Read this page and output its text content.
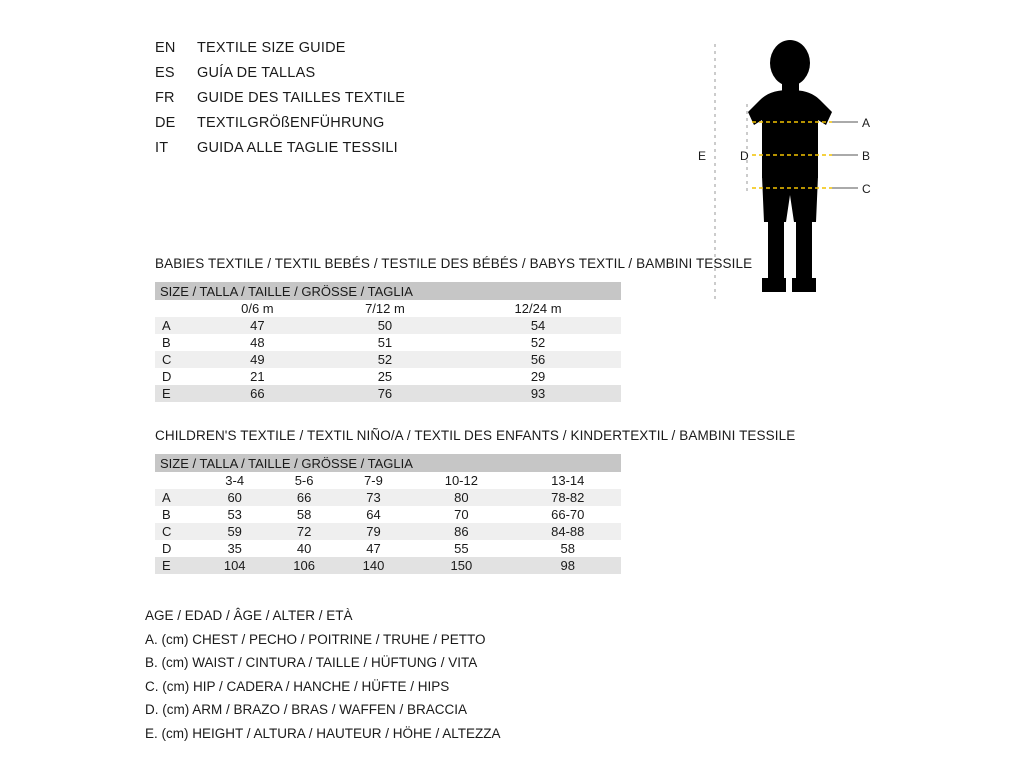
EN	TEXTILE SIZE GUIDE
ES	GUÍA DE TALLAS
FR	GUIDE DES TAILLES TEXTILE
DE	TEXTILGRÖßENFÜHRUNG
IT	GUIDA ALLE TAGLIE TESSILI
A
B
C
D
E
BABIES TEXTILE / TEXTIL BEBÉS / TESTILE DES BÉBÉS / BABYS TEXTIL / BAMBINI TESSILE
SIZE / TALLA / TAILLE / GRÖSSE / TAGLIA			
	0/6 m	7/12 m	12/24 m
A	47	50	54
B	48	51	52
C	49	52	56
D	21	25	29
E	66	76	93
CHILDREN'S TEXTILE / TEXTIL NIÑO/A / TEXTIL DES ENFANTS / KINDERTEXTIL / BAMBINI TESSILE
SIZE / TALLA / TAILLE / GRÖSSE / TAGLIA					
	3-4	5-6	7-9	10-12	13-14
A	60	66	73	80	78-82
B	53	58	64	70	66-70
C	59	72	79	86	84-88
D	35	40	47	55	58
E	104	106	140	150	98
AGE / EDAD / ÂGE / ALTER / ETÀ
A. (cm) CHEST / PECHO / POITRINE / TRUHE / PETTO
B. (cm) WAIST / CINTURA / TAILLE / HÜFTUNG / VITA
C. (cm) HIP / CADERA / HANCHE / HÜFTE / HIPS
D. (cm) ARM / BRAZO / BRAS / WAFFEN / BRACCIA
E. (cm) HEIGHT / ALTURA / HAUTEUR / HÖHE / ALTEZZA
